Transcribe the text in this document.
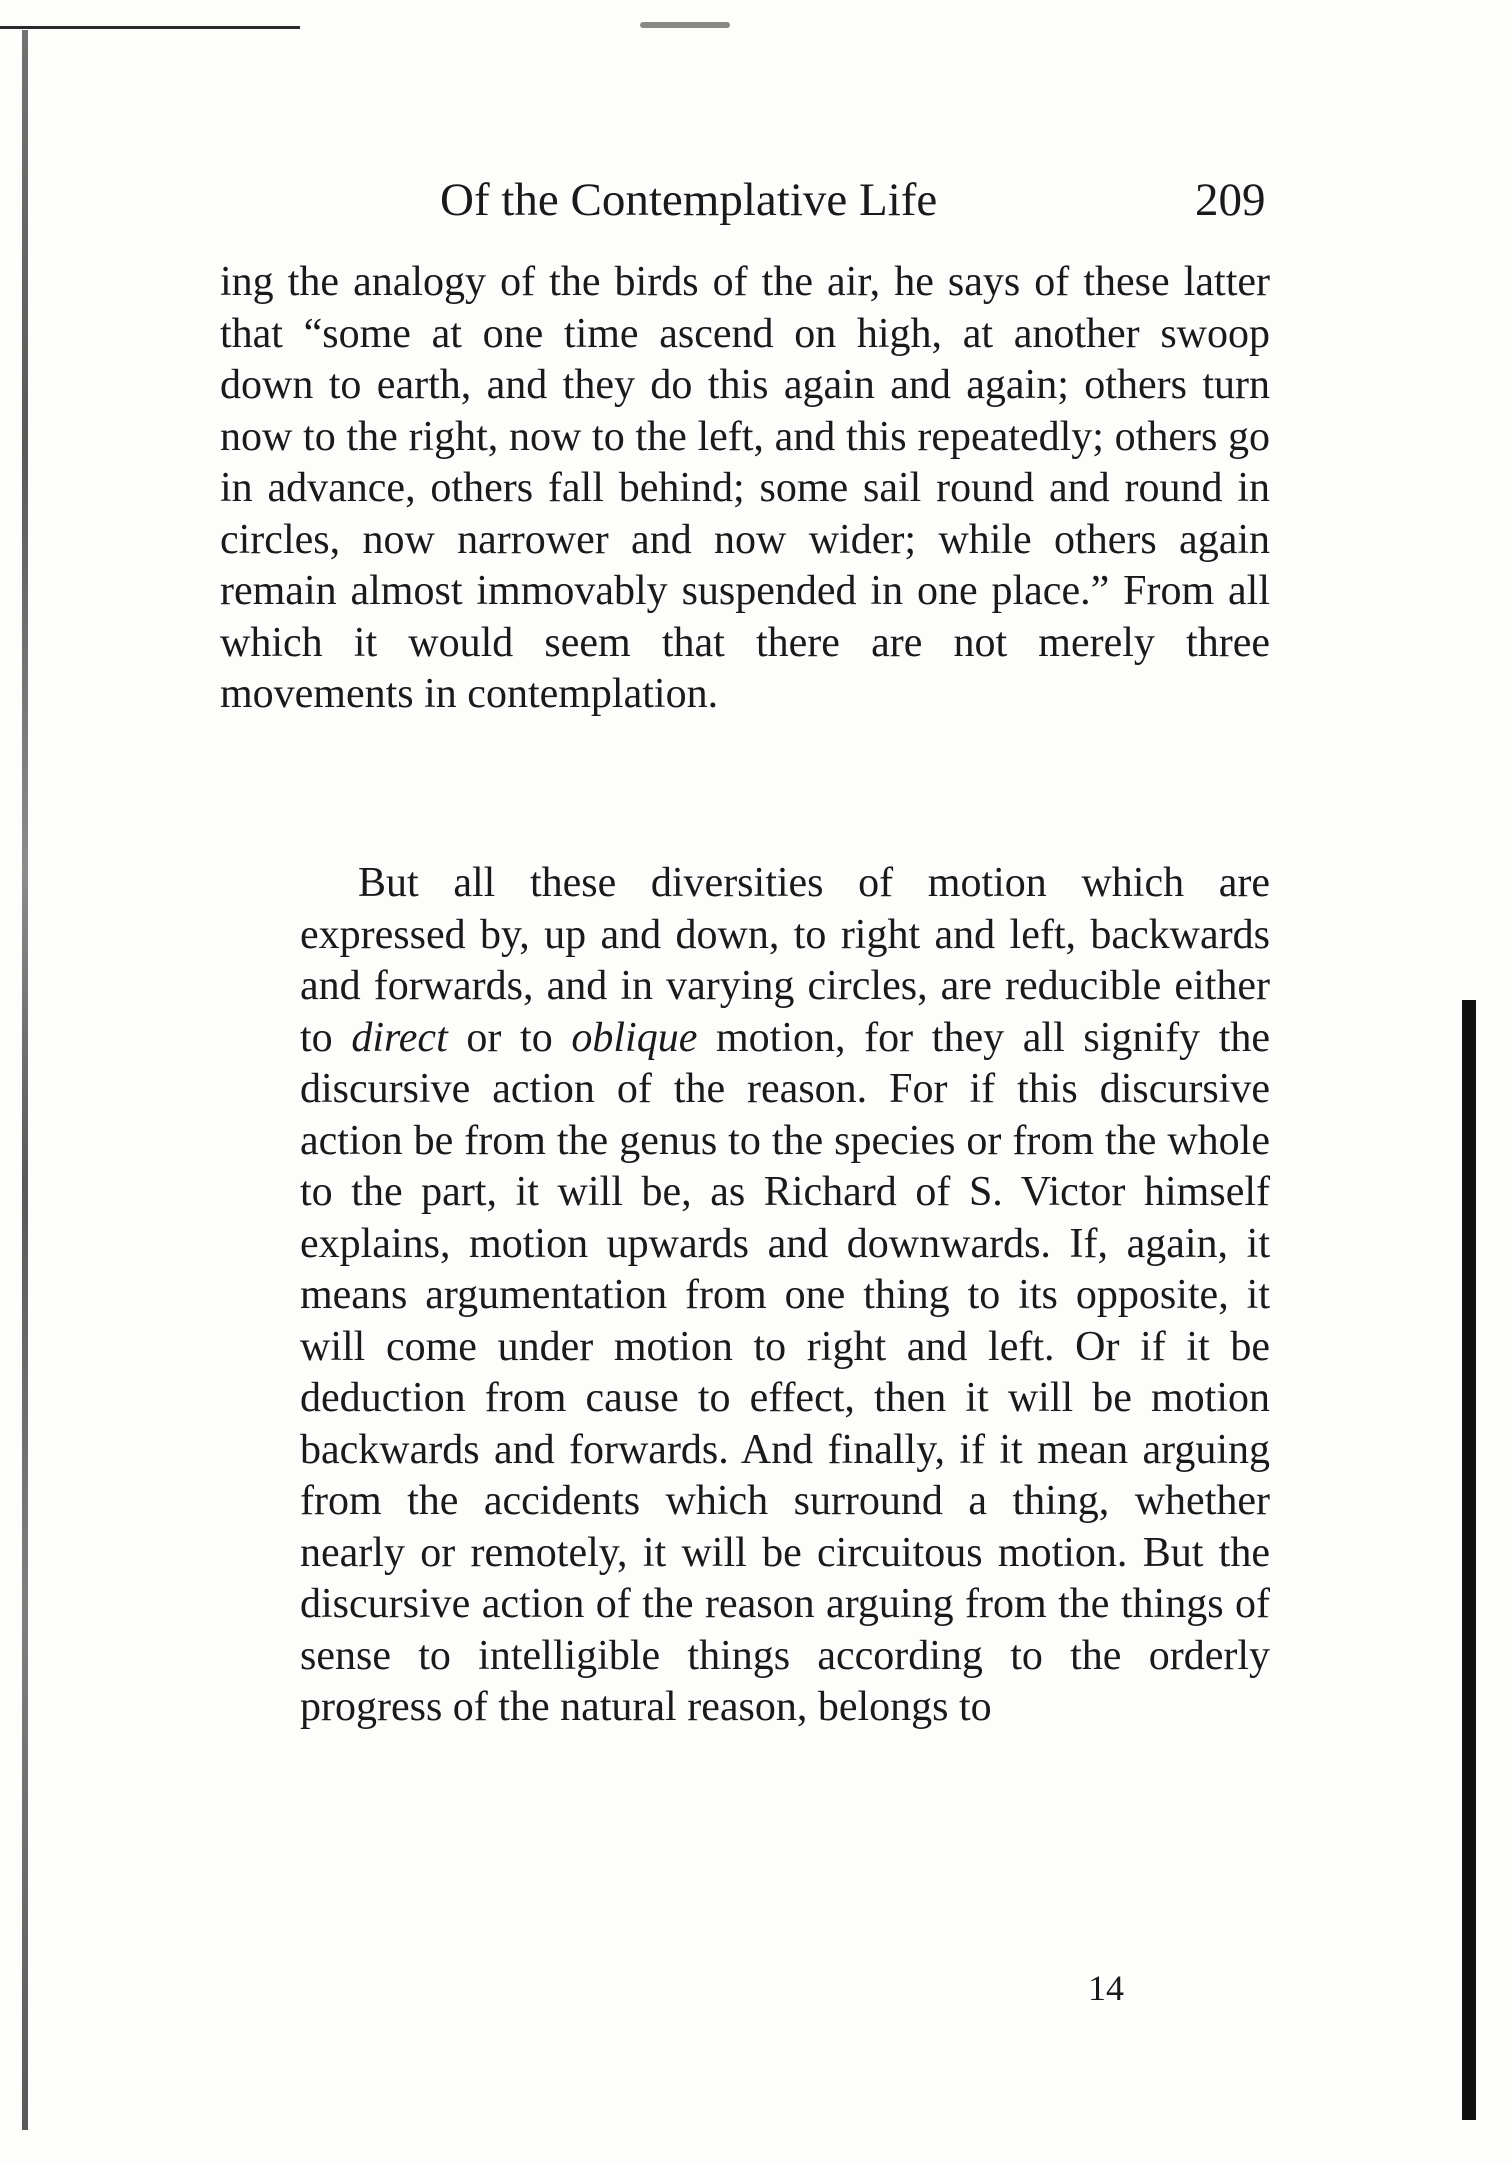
Of the Contemplative Life	209

ing the analogy of the birds of the air, he says of these latter that “some at one time ascend on high, at another swoop down to earth, and they do this again and again; others turn now to the right, now to the left, and this repeatedly; others go in advance, others fall behind; some sail round and round in circles, now narrower and now wider; while others again remain almost immovably suspended in one place.” From all which it would seem that there are not merely three movements in contemplation.

But all these diversities of motion which are expressed by, up and down, to right and left, backwards and forwards, and in varying circles, are reducible either to direct or to oblique motion, for they all signify the discursive action of the reason. For if this discursive action be from the genus to the species or from the whole to the part, it will be, as Richard of S. Victor himself explains, motion upwards and downwards. If, again, it means argumentation from one thing to its opposite, it will come under motion to right and left. Or if it be deduction from cause to effect, then it will be motion backwards and forwards. And finally, if it mean arguing from the accidents which surround a thing, whether nearly or remotely, it will be circuitous motion. But the discursive action of the reason arguing from the things of sense to intelligible things according to the orderly progress of the natural reason, belongs to

14
